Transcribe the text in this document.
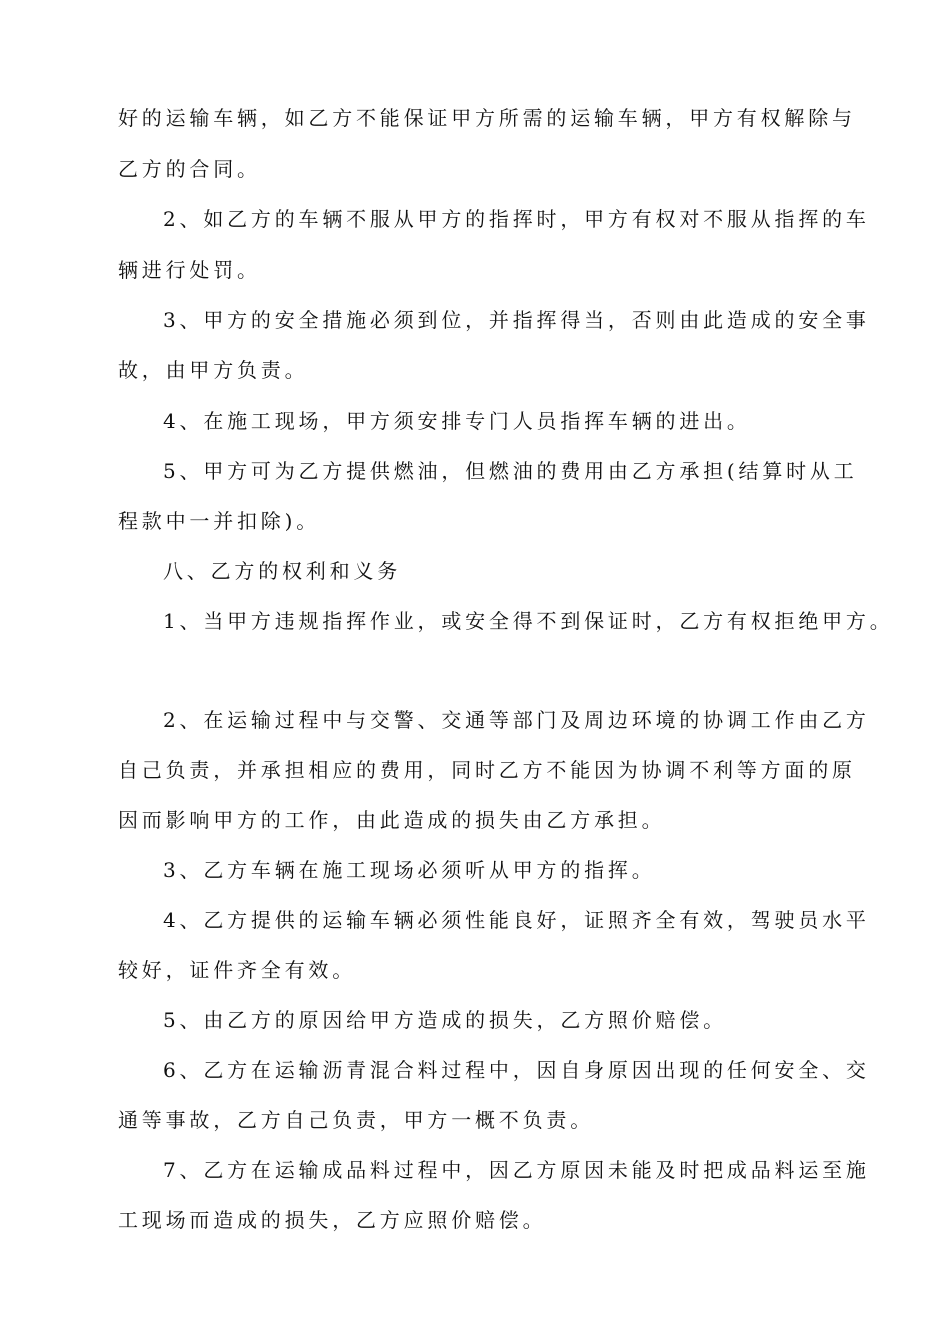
好的运输车辆，如乙方不能保证甲方所需的运输车辆，甲方有权解除与
乙方的合同。
2、如乙方的车辆不服从甲方的指挥时，甲方有权对不服从指挥的车
辆进行处罚。
3、甲方的安全措施必须到位，并指挥得当，否则由此造成的安全事
故，由甲方负责。
4、在施工现场，甲方须安排专门人员指挥车辆的进出。
5、甲方可为乙方提供燃油，但燃油的费用由乙方承担(结算时从工
程款中一并扣除)。
八、乙方的权利和义务
1、当甲方违规指挥作业，或安全得不到保证时，乙方有权拒绝甲方。
2、在运输过程中与交警、交通等部门及周边环境的协调工作由乙方
自己负责，并承担相应的费用，同时乙方不能因为协调不利等方面的原
因而影响甲方的工作，由此造成的损失由乙方承担。
3、乙方车辆在施工现场必须听从甲方的指挥。
4、乙方提供的运输车辆必须性能良好，证照齐全有效，驾驶员水平
较好，证件齐全有效。
5、由乙方的原因给甲方造成的损失，乙方照价赔偿。
6、乙方在运输沥青混合料过程中，因自身原因出现的任何安全、交
通等事故，乙方自己负责，甲方一概不负责。
7、乙方在运输成品料过程中，因乙方原因未能及时把成品料运至施
工现场而造成的损失，乙方应照价赔偿。
